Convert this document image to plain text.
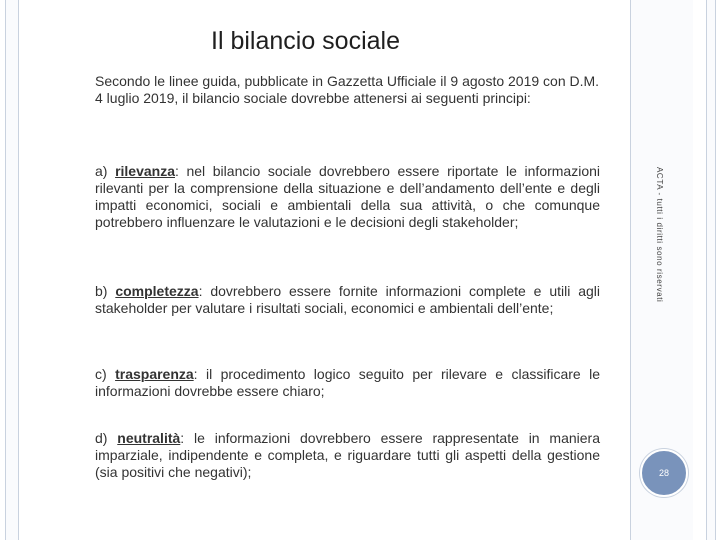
Il bilancio sociale

Secondo le linee guida, pubblicate in Gazzetta Ufficiale il 9 agosto 2019 con D.M. 4 luglio 2019, il bilancio sociale dovrebbe attenersi ai seguenti principi:

a) rilevanza: nel bilancio sociale dovrebbero essere riportate le informazioni rilevanti per la comprensione della situazione e dell’andamento dell’ente e degli impatti economici, sociali e ambientali della sua attività, o che comunque potrebbero influenzare le valutazioni e le decisioni degli stakeholder;

b) completezza: dovrebbero essere fornite informazioni complete e utili agli stakeholder per valutare i risultati sociali, economici e ambientali dell’ente;

c) trasparenza: il procedimento logico seguito per rilevare e classificare le informazioni dovrebbe essere chiaro;

d) neutralità: le informazioni dovrebbero essere rappresentate in maniera imparziale, indipendente e completa, e riguardare tutti gli aspetti della gestione (sia positivi che negativi);

ACTA - tutti i diritti sono riservati
28
